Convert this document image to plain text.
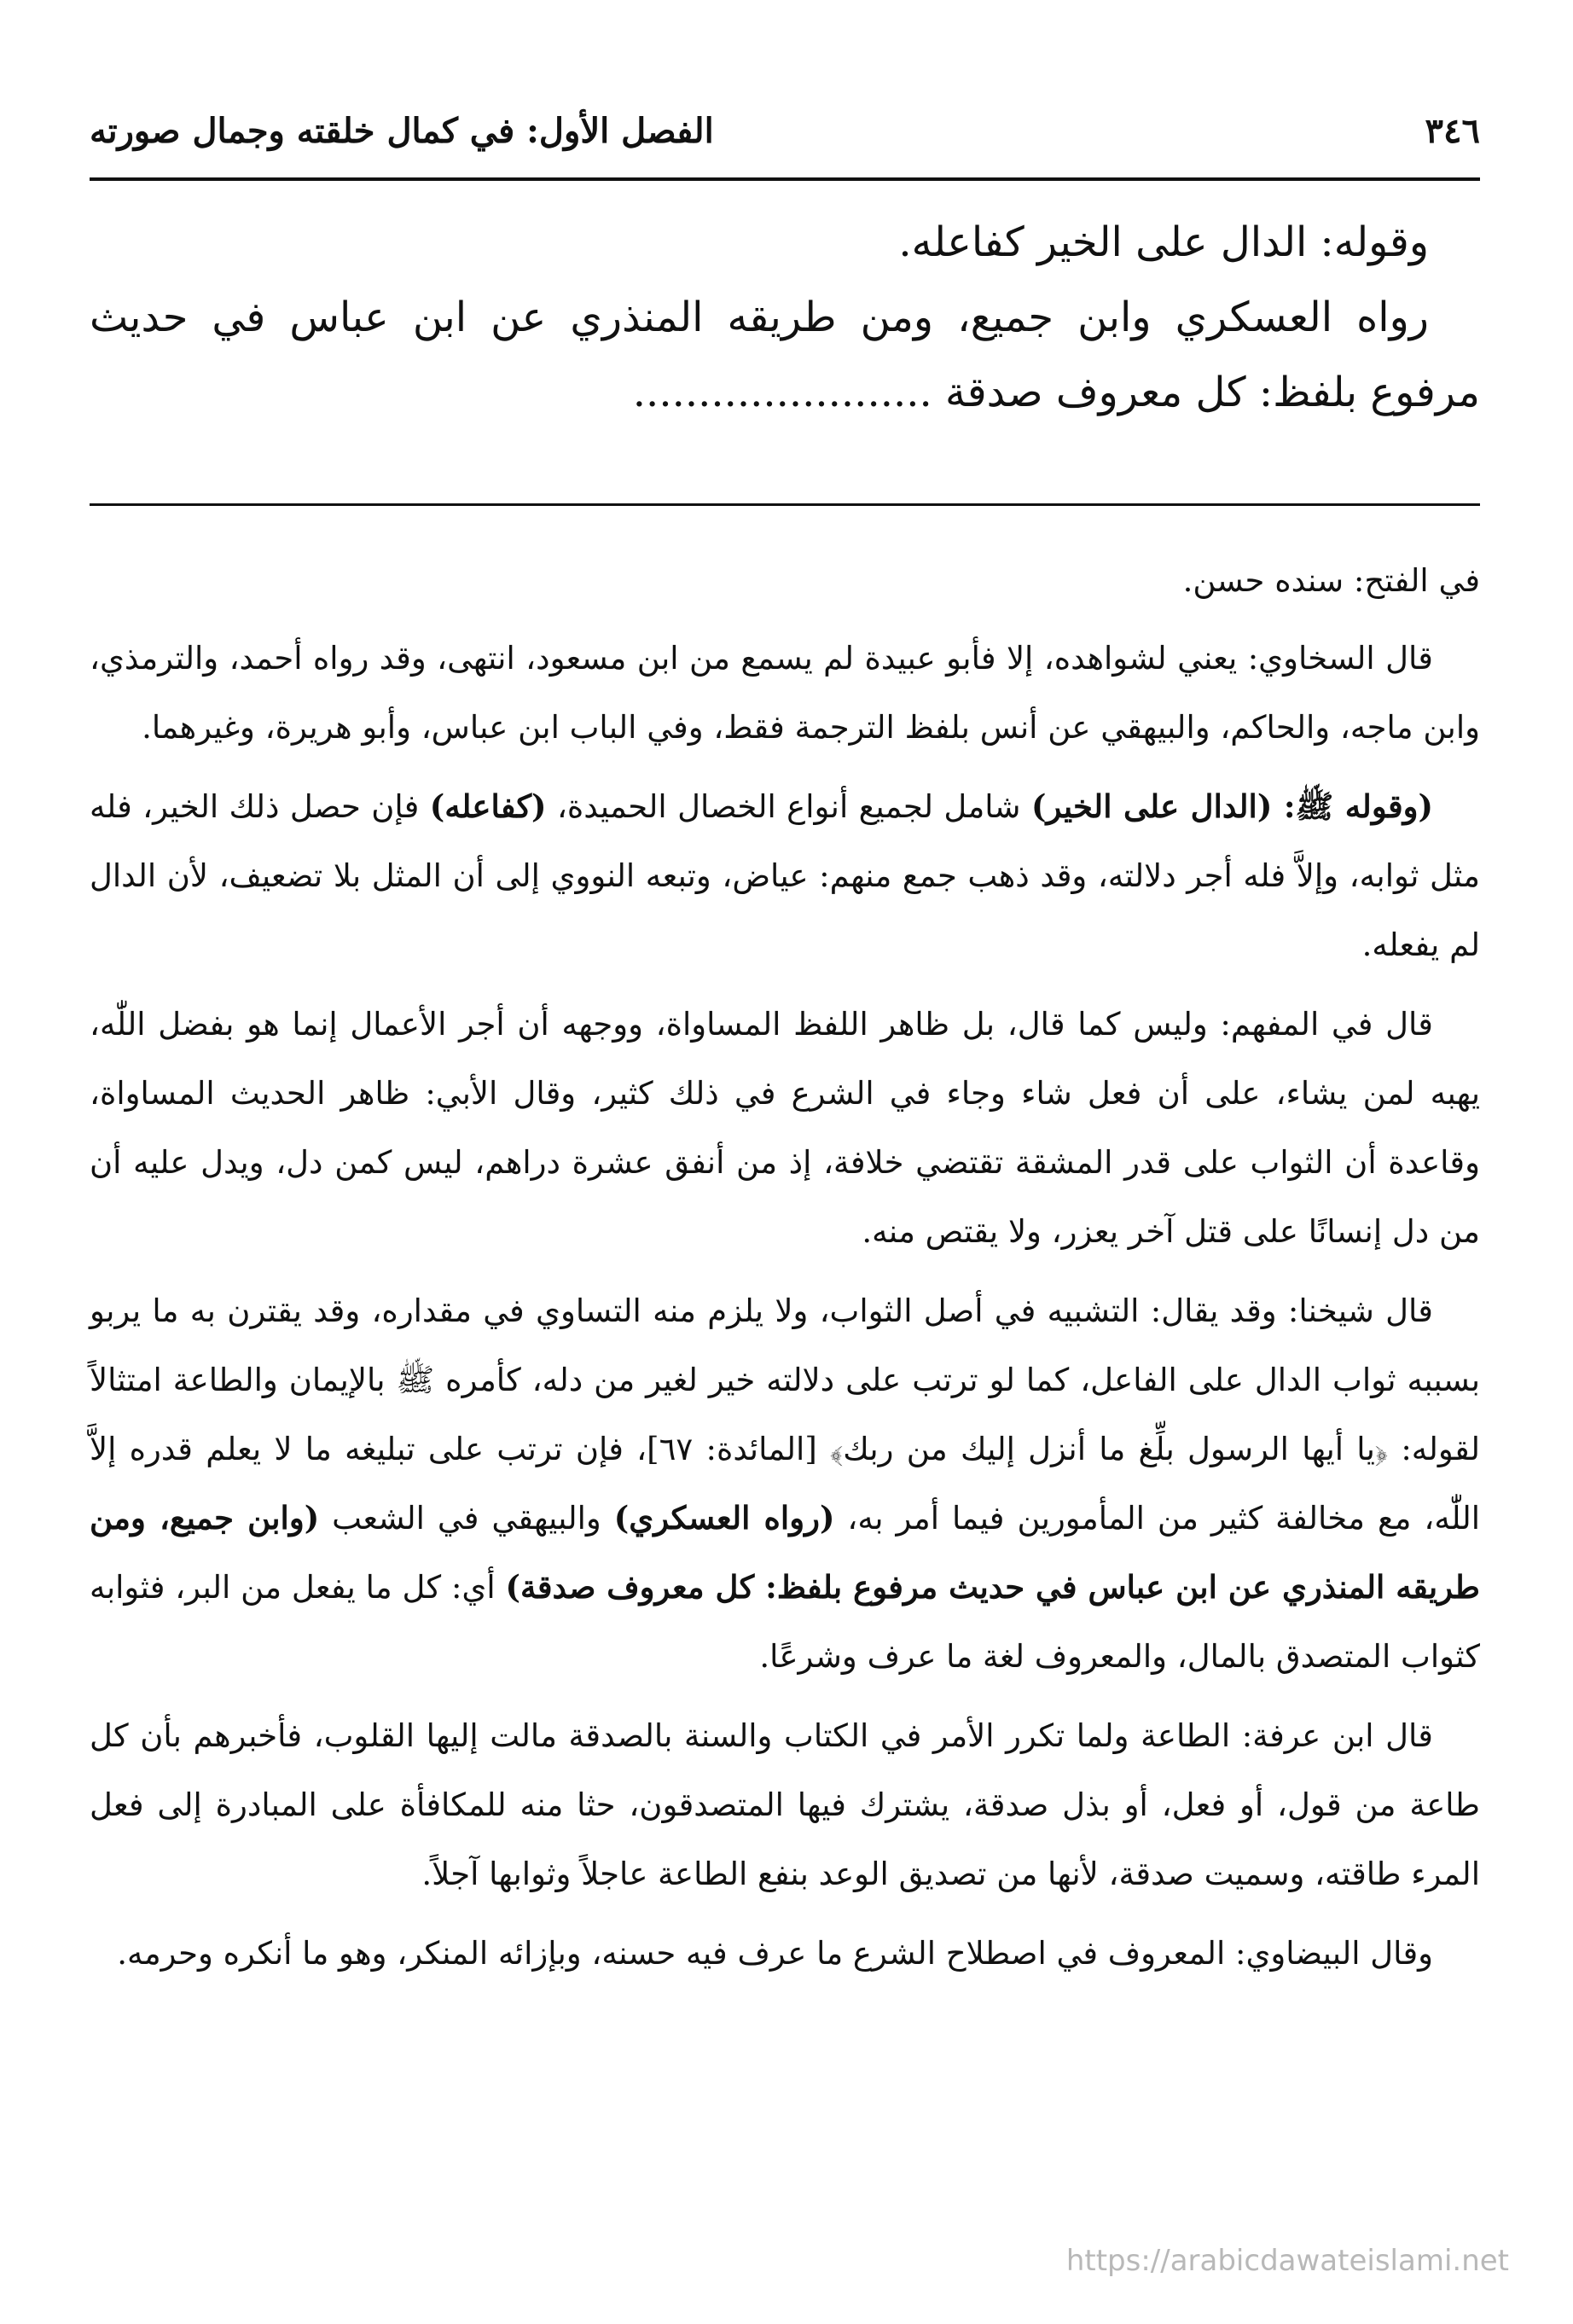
٣٤٦
الفصل الأول: في كمال خلقته وجمال صورته

وقوله: الدال على الخير كفاعله.

رواه العسكري وابن جميع، ومن طريقه المنذري عن ابن عباس في حديث مرفوع بلفظ: كل معروف صدقة .......................

في الفتح: سنده حسن.

قال السخاوي: يعني لشواهده، إلا فأبو عبيدة لم يسمع من ابن مسعود، انتهى، وقد رواه أحمد، والترمذي، وابن ماجه، والحاكم، والبيهقي عن أنس بلفظ الترجمة فقط، وفي الباب ابن عباس، وأبو هريرة، وغيرهما.

(وقوله ﷺ: (الدال على الخير) شامل لجميع أنواع الخصال الحميدة، (كفاعله) فإن حصل ذلك الخير، فله مثل ثوابه، وإلاَّ فله أجر دلالته، وقد ذهب جمع منهم: عياض، وتبعه النووي إلى أن المثل بلا تضعيف، لأن الدال لم يفعله.

قال في المفهم: وليس كما قال، بل ظاهر اللفظ المساواة، ووجهه أن أجر الأعمال إنما هو بفضل اللّٰه، يهبه لمن يشاء، على أن فعل شاء وجاء في الشرع في ذلك كثير، وقال الأبي: ظاهر الحديث المساواة، وقاعدة أن الثواب على قدر المشقة تقتضي خلافة، إذ من أنفق عشرة دراهم، ليس كمن دل، ويدل عليه أن من دل إنسانًا على قتل آخر يعزر، ولا يقتص منه.

قال شيخنا: وقد يقال: التشبيه في أصل الثواب، ولا يلزم منه التساوي في مقداره، وقد يقترن به ما يربو بسببه ثواب الدال على الفاعل، كما لو ترتب على دلالته خير لغير من دله، كأمره ﷺ بالإيمان والطاعة امتثالاً لقوله: ﴿يا أيها الرسول بلِّغ ما أنزل إليك من ربك﴾ [المائدة: ٦٧]، فإن ترتب على تبليغه ما لا يعلم قدره إلاَّ اللّٰه، مع مخالفة كثير من المأمورين فيما أمر به، (رواه العسكري) والبيهقي في الشعب (وابن جميع، ومن طريقه المنذري عن ابن عباس في حديث مرفوع بلفظ: كل معروف صدقة) أي: كل ما يفعل من البر، فثوابه كثواب المتصدق بالمال، والمعروف لغة ما عرف وشرعًا.

قال ابن عرفة: الطاعة ولما تكرر الأمر في الكتاب والسنة بالصدقة مالت إليها القلوب، فأخبرهم بأن كل طاعة من قول، أو فعل، أو بذل صدقة، يشترك فيها المتصدقون، حثا منه للمكافأة على المبادرة إلى فعل المرء طاقته، وسميت صدقة، لأنها من تصديق الوعد بنفع الطاعة عاجلاً وثوابها آجلاً.

وقال البيضاوي: المعروف في اصطلاح الشرع ما عرف فيه حسنه، وبإزائه المنكر، وهو ما أنكره وحرمه.

https://arabicdawateislami.net
